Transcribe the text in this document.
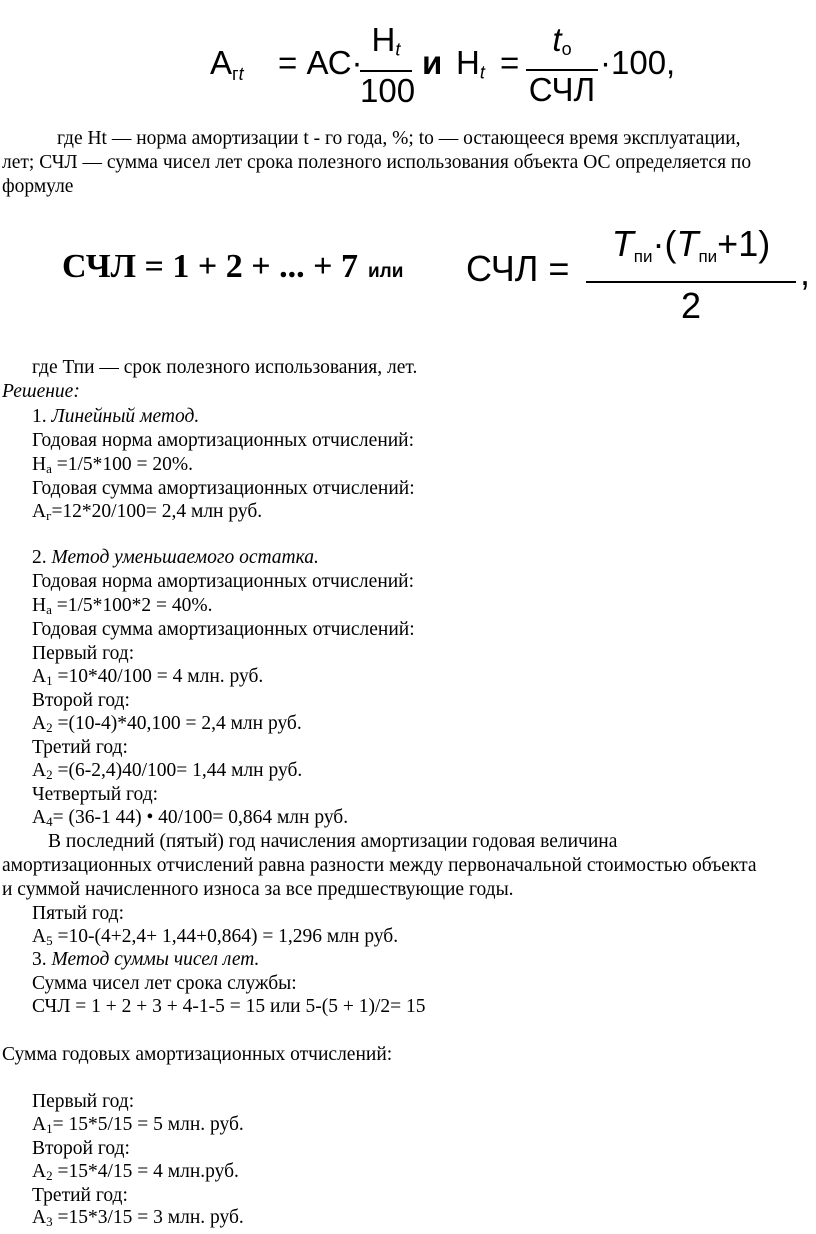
$А_{гt} = АС\cdot$
$Н_t$
100
и $Н_t$ =
$t_о$
СЧЛ
·100,
где Нt — норма амортизации t - го года, %; tо — остающееся время эксплуатации,
лет; СЧЛ — сумма чисел лет срока полезного использования объекта ОС определяется по
формуле
СЧЛ = 1 + 2 + ... + 7 или СЧЛ =
Tпи·(Tпи+1)
2
,
где Тпи — срок полезного использования, лет.
Решение:
1. Линейный метод.
Годовая норма амортизационных отчислений:
На =1/5*100 = 20%.
Годовая сумма амортизационных отчислений:
Аг=12*20/100= 2,4 млн руб.
2. Метод уменьшаемого остатка.
Годовая норма амортизационных отчислений:
На =1/5*100*2 = 40%.
Годовая сумма амортизационных отчислений:
Первый год:
А1 =10*40/100 = 4 млн. руб.
Второй год:
А2 =(10-4)*40,100 = 2,4 млн руб.
Третий год:
А2 =(6-2,4)40/100= 1,44 млн руб.
Четвертый год:
А4= (36-1 44) • 40/100= 0,864 млн руб.
В последний (пятый) год начисления амортизации годовая величина
амортизационных отчислений равна разности между первоначальной стоимостью объекта
и суммой начисленного износа за все предшествующие годы.
Пятый год:
А5 =10-(4+2,4+ 1,44+0,864) = 1,296 млн руб.
3. Метод суммы чисел лет.
Сумма чисел лет срока службы:
СЧЛ = 1 + 2 + 3 + 4-1-5 = 15 или 5-(5 + 1)/2= 15
Сумма годовых амортизационных отчислений:
Первый год:
А1= 15*5/15 = 5 млн. руб.
Второй год:
А2 =15*4/15 = 4 млн.руб.
Третий год:
А3 =15*3/15 = 3 млн. руб.
